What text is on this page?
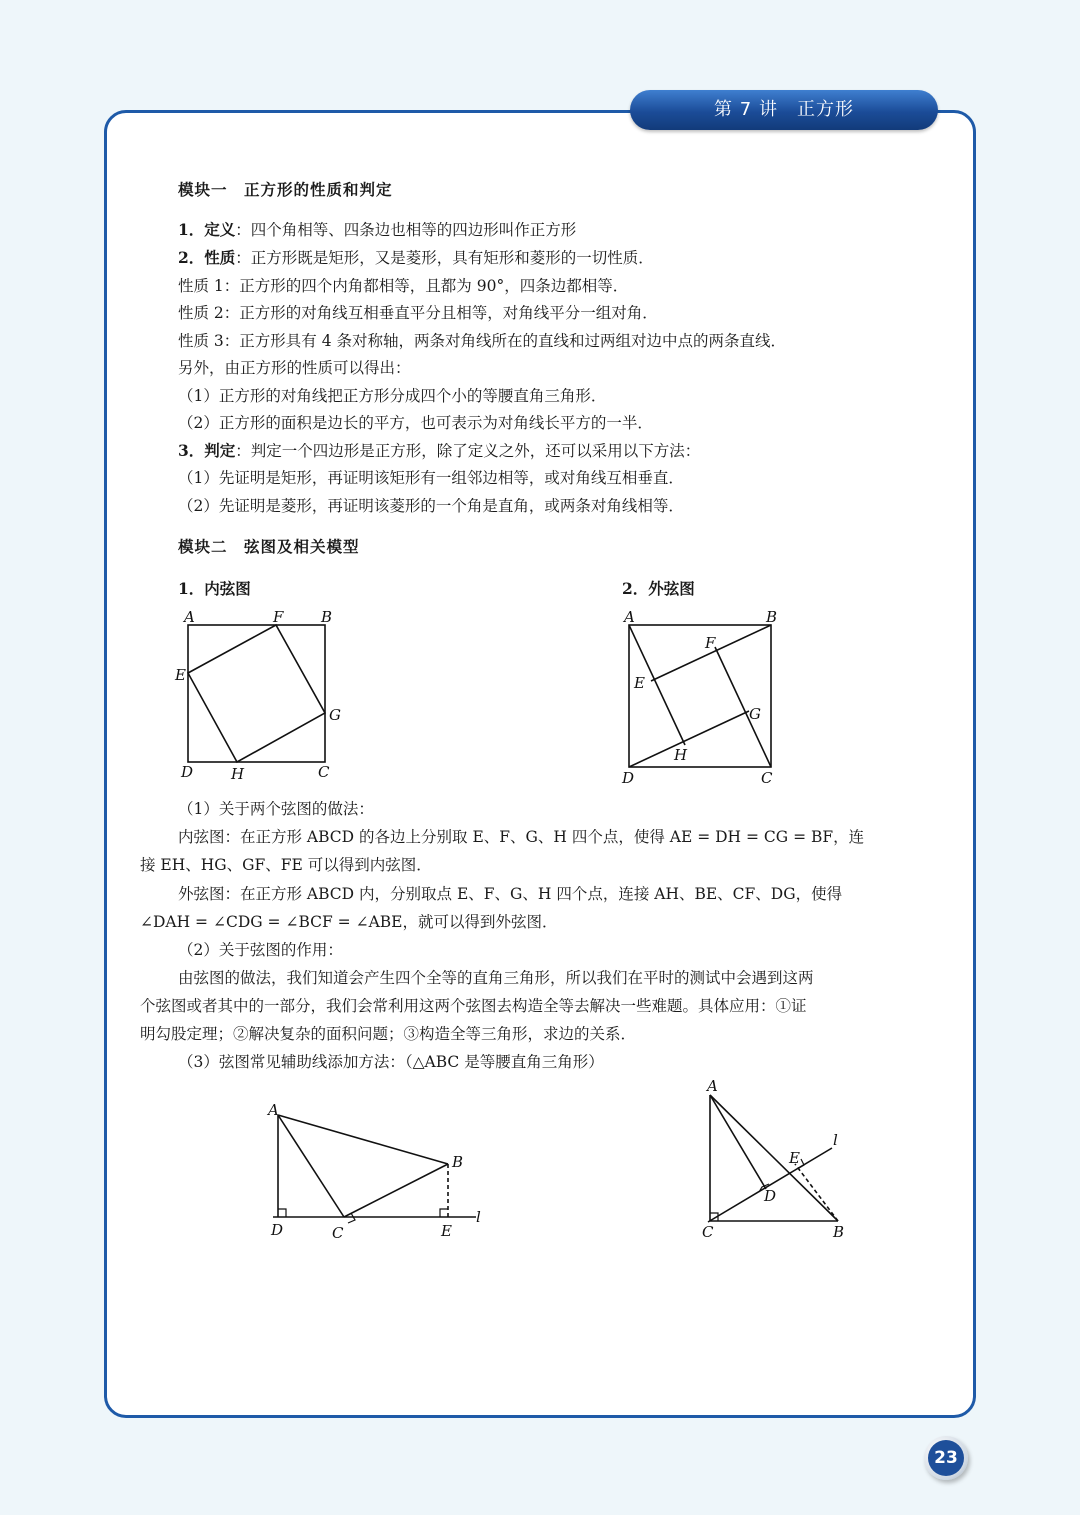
第 7 讲　正方形
模块一　正方形的性质和判定
1．定义：四个角相等、四条边也相等的四边形叫作正方形
2．性质：正方形既是矩形，又是菱形，具有矩形和菱形的一切性质．
性质 1：正方形的四个内角都相等，且都为 90°，四条边都相等．
性质 2：正方形的对角线互相垂直平分且相等，对角线平分一组对角．
性质 3：正方形具有 4 条对称轴，两条对角线所在的直线和过两组对边中点的两条直线．
另外，由正方形的性质可以得出：
（1）正方形的对角线把正方形分成四个小的等腰直角三角形．
（2）正方形的面积是边长的平方，也可表示为对角线长平方的一半．
3．判定：判定一个四边形是正方形，除了定义之外，还可以采用以下方法：
（1）先证明是矩形，再证明该矩形有一组邻边相等，或对角线互相垂直．
（2）先证明是菱形，再证明该菱形的一个角是直角，或两条对角线相等．
模块二　弦图及相关模型
1．内弦图	2．外弦图
A	F	B
E
G
D	H	C
A	B
F
E
G
H
D	C
（1）关于两个弦图的做法：
内弦图：在正方形 ABCD 的各边上分别取 E、F、G、H 四个点，使得 AE = DH = CG = BF，连
接 EH、HG、GF、FE 可以得到内弦图．
外弦图：在正方形 ABCD 内，分别取点 E、F、G、H 四个点，连接 AH、BE、CF、DG，使得
∠DAH = ∠CDG = ∠BCF = ∠ABE，就可以得到外弦图．
（2）关于弦图的作用：
由弦图的做法，我们知道会产生四个全等的直角三角形，所以我们在平时的测试中会遇到这两
个弦图或者其中的一部分，我们会常利用这两个弦图去构造全等去解决一些难题。具体应用：①证
明勾股定理；②解决复杂的面积问题；③构造全等三角形，求边的关系．
（3）弦图常见辅助线添加方法：（△ABC 是等腰直角三角形）
A
B
D	C	E
l
A
E
D
l
C	B
23
